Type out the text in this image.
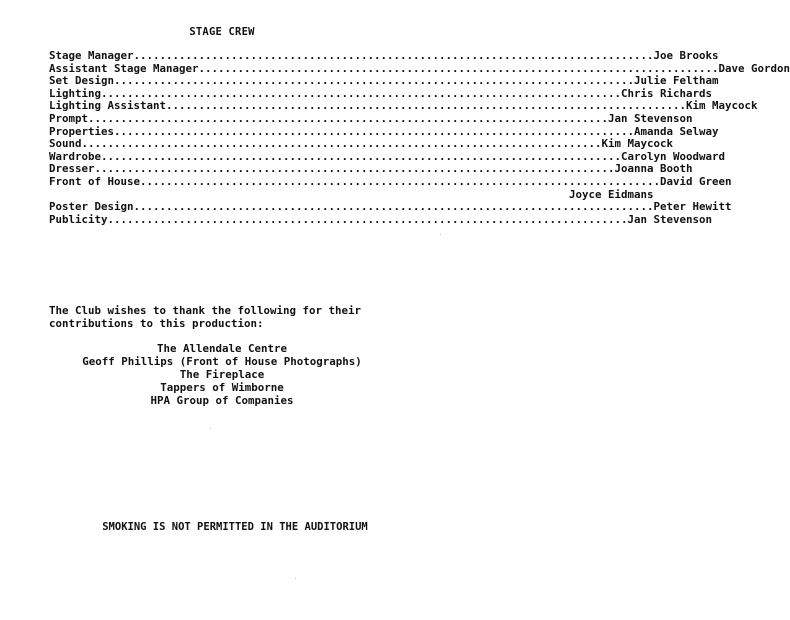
STAGE CREW
Stage Manager ................................................................................ Joe Brooks
Assistant Stage Manager ................................................................................ Dave Gordon
Set Design ................................................................................ Julie Feltham
Lighting ................................................................................ Chris Richards
Lighting Assistant ................................................................................ Kim Maycock
Prompt ................................................................................ Jan Stevenson
Properties ................................................................................ Amanda Selway
Sound ................................................................................ Kim Maycock
Wardrobe ................................................................................ Carolyn Woodward
Dresser ................................................................................ Joanna Booth
Front of House ................................................................................ David Green
Joyce Eidmans
Poster Design ................................................................................ Peter Hewitt
Publicity ................................................................................ Jan Stevenson
The Club wishes to thank the following for their
contributions to this production:
The Allendale Centre
Geoff Phillips (Front of House Photographs)
The Fireplace
Tappers of Wimborne
HPA Group of Companies
SMOKING IS NOT PERMITTED IN THE AUDITORIUM
